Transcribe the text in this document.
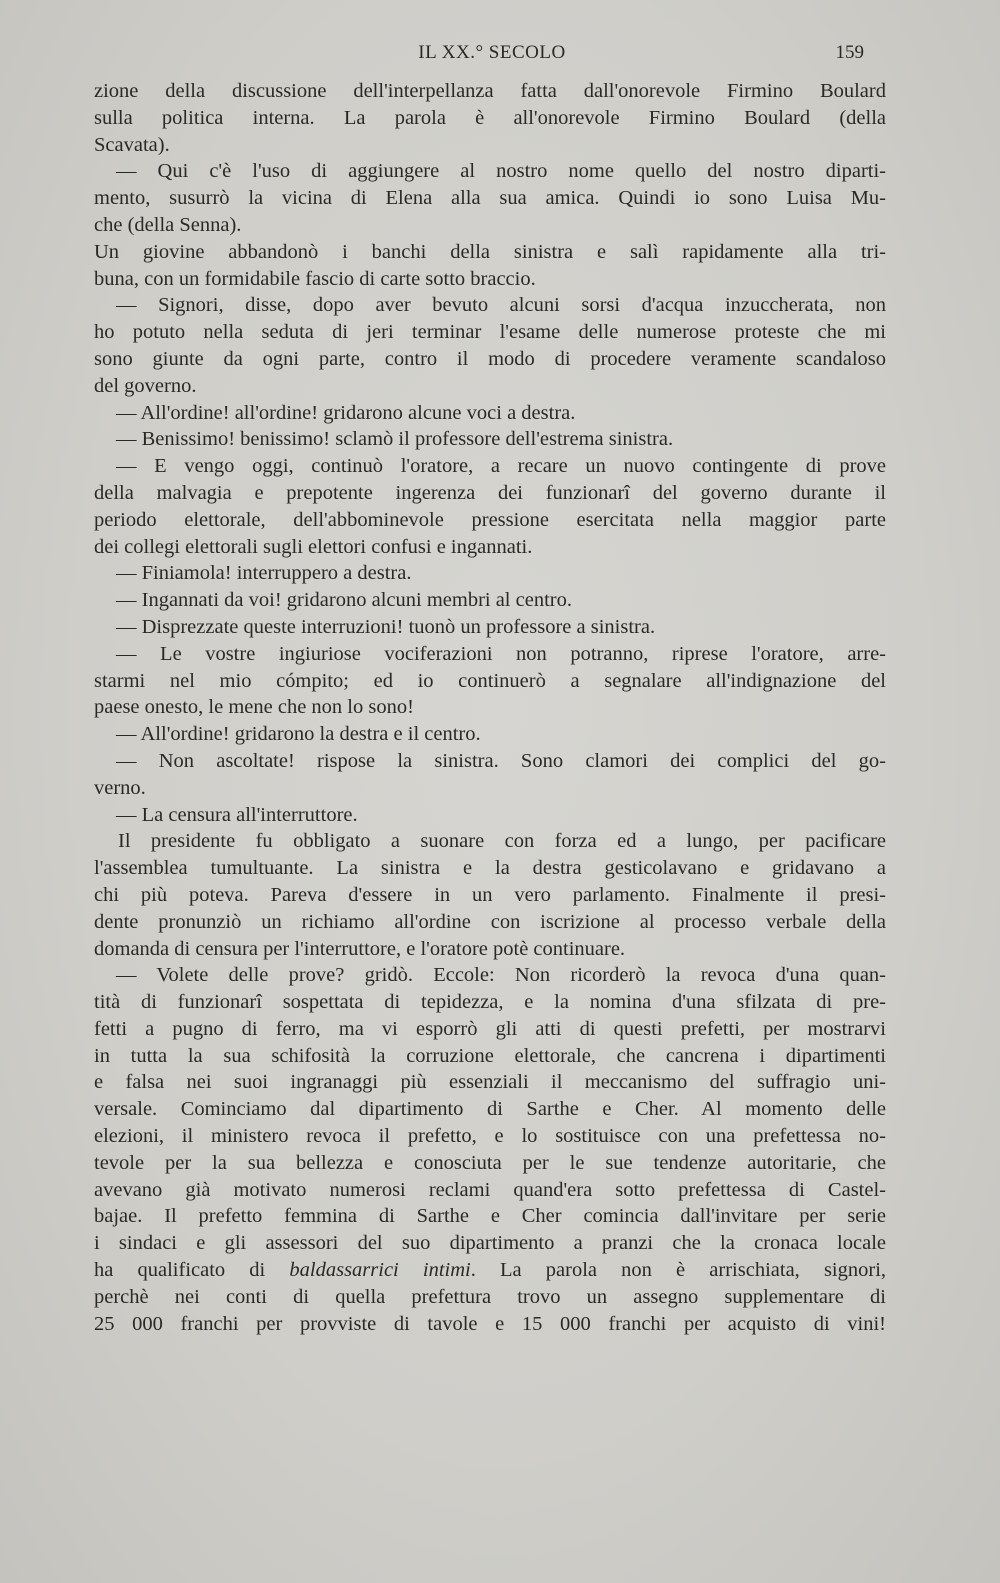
IL XX.° SECOLO	159
zione della discussione dell'interpellanza fatta dall'onorevole Firmino Boulard
sulla politica interna. La parola è all'onorevole Firmino Boulard (della
Scavata).
— Qui c'è l'uso di aggiungere al nostro nome quello del nostro diparti-
mento, susurrò la vicina di Elena alla sua amica. Quindi io sono Luisa Mu-
che (della Senna).
Un giovine abbandonò i banchi della sinistra e salì rapidamente alla tri-
buna, con un formidabile fascio di carte sotto braccio.
— Signori, disse, dopo aver bevuto alcuni sorsi d'acqua inzuccherata, non
ho potuto nella seduta di jeri terminar l'esame delle numerose proteste che mi
sono giunte da ogni parte, contro il modo di procedere veramente scandaloso
del governo.
— All'ordine! all'ordine! gridarono alcune voci a destra.
— Benissimo! benissimo! sclamò il professore dell'estrema sinistra.
— E vengo oggi, continuò l'oratore, a recare un nuovo contingente di prove
della malvagia e prepotente ingerenza dei funzionarî del governo durante il
periodo elettorale, dell'abbominevole pressione esercitata nella maggior parte
dei collegi elettorali sugli elettori confusi e ingannati.
— Finiamola! interruppero a destra.
— Ingannati da voi! gridarono alcuni membri al centro.
— Disprezzate queste interruzioni! tuonò un professore a sinistra.
— Le vostre ingiuriose vociferazioni non potranno, riprese l'oratore, arre-
starmi nel mio cómpito; ed io continuerò a segnalare all'indignazione del
paese onesto, le mene che non lo sono!
— All'ordine! gridarono la destra e il centro.
— Non ascoltate! rispose la sinistra. Sono clamori dei complici del go-
verno.
— La censura all'interruttore.
Il presidente fu obbligato a suonare con forza ed a lungo, per pacificare
l'assemblea tumultuante. La sinistra e la destra gesticolavano e gridavano a
chi più poteva. Pareva d'essere in un vero parlamento. Finalmente il presi-
dente pronunziò un richiamo all'ordine con iscrizione al processo verbale della
domanda di censura per l'interruttore, e l'oratore potè continuare.
— Volete delle prove? gridò. Eccole: Non ricorderò la revoca d'una quan-
tità di funzionarî sospettata di tepidezza, e la nomina d'una sfilzata di pre-
fetti a pugno di ferro, ma vi esporrò gli atti di questi prefetti, per mostrarvi
in tutta la sua schifosità la corruzione elettorale, che cancrena i dipartimenti
e falsa nei suoi ingranaggi più essenziali il meccanismo del suffragio uni-
versale. Cominciamo dal dipartimento di Sarthe e Cher. Al momento delle
elezioni, il ministero revoca il prefetto, e lo sostituisce con una prefettessa no-
tevole per la sua bellezza e conosciuta per le sue tendenze autoritarie, che
avevano già motivato numerosi reclami quand'era sotto prefettessa di Castel-
bajae. Il prefetto femmina di Sarthe e Cher comincia dall'invitare per serie
i sindaci e gli assessori del suo dipartimento a pranzi che la cronaca locale
ha qualificato di baldassarrici intimi. La parola non è arrischiata, signori,
perchè nei conti di quella prefettura trovo un assegno supplementare di
25 000 franchi per provviste di tavole e 15 000 franchi per acquisto di vini!
